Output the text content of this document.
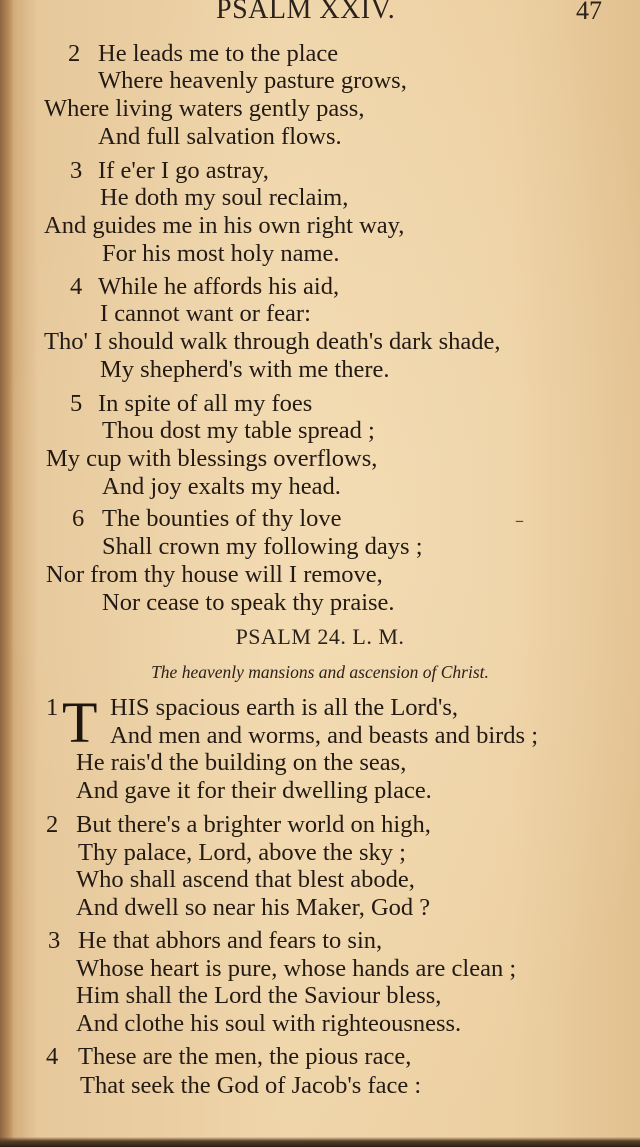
PSALM XXIV.	47
2 He leads me to the place
Where heavenly pasture grows,
Where living waters gently pass,
And full salvation flows.
3 If e'er I go astray,
He doth my soul reclaim,
And guides me in his own right way,
For his most holy name.
4 While he affords his aid,
I cannot want or fear:
Tho' I should walk through death's dark shade,
My shepherd's with me there.
5 In spite of all my foes
Thou dost my table spread ;
My cup with blessings overflows,
And joy exalts my head.
6 The bounties of thy love
Shall crown my following days ;
Nor from thy house will I remove,
Nor cease to speak thy praise.
–
PSALM 24. L. M.
The heavenly mansions and ascension of Christ.
1 HIS spacious earth is all the Lord's,
And men and worms, and beasts and birds ;
He rais'd the building on the seas,
And gave it for their dwelling place.
T
2 But there's a brighter world on high,
Thy palace, Lord, above the sky ;
Who shall ascend that blest abode,
And dwell so near his Maker, God ?
3 He that abhors and fears to sin,
Whose heart is pure, whose hands are clean ;
Him shall the Lord the Saviour bless,
And clothe his soul with righteousness.
4 These are the men, the pious race,
That seek the God of Jacob's face :
